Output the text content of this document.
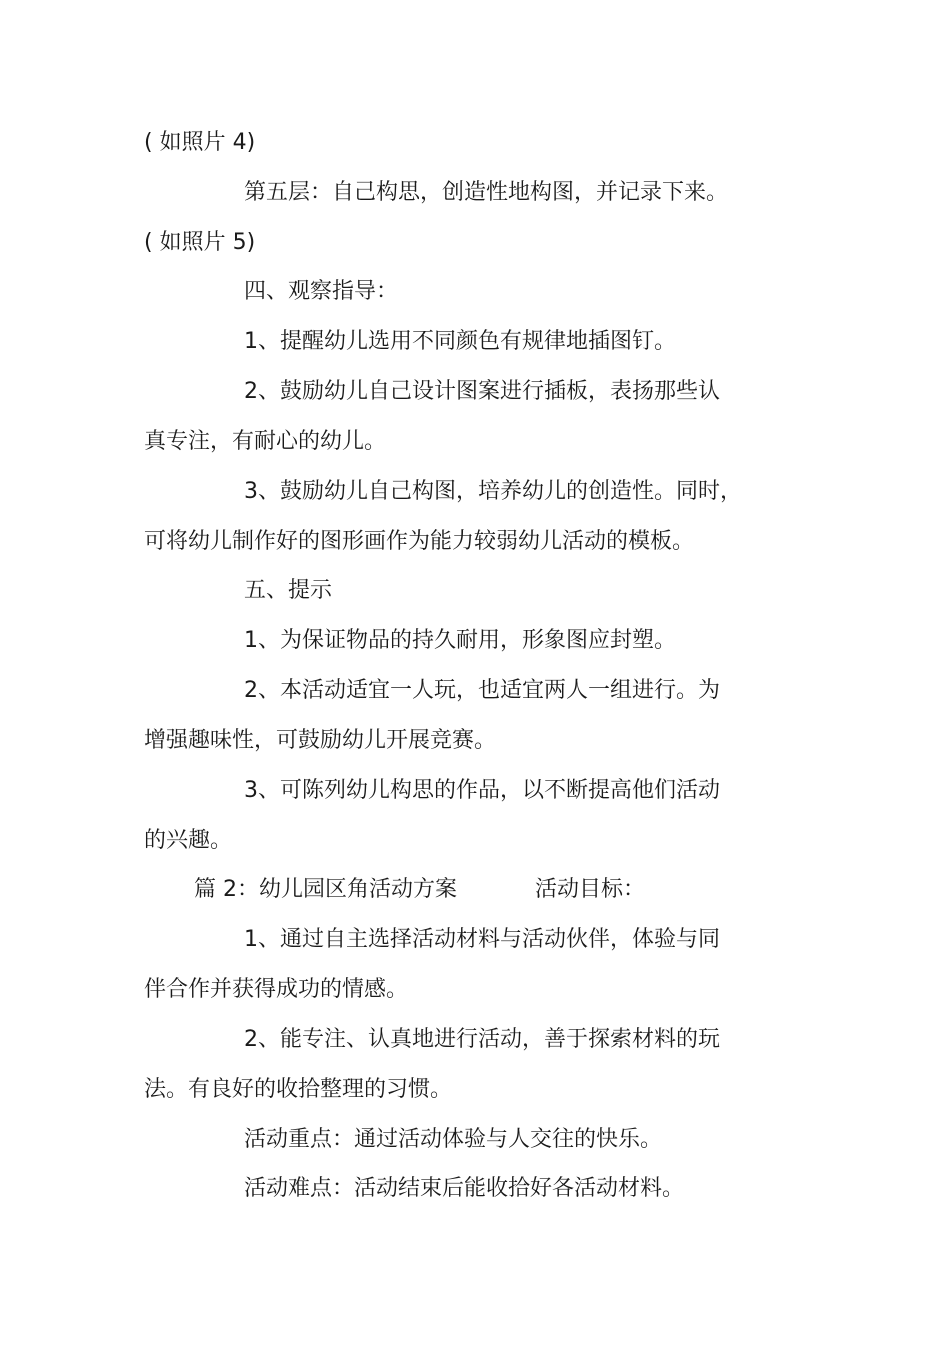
( 如照片 4)
第五层：自己构思，创造性地构图，并记录下来。
( 如照片 5)
四、观察指导：
1、提醒幼儿选用不同颜色有规律地插图钉。
2、鼓励幼儿自己设计图案进行插板，表扬那些认
真专注，有耐心的幼儿。
3、鼓励幼儿自己构图，培养幼儿的创造性。同时，
可将幼儿制作好的图形画作为能力较弱幼儿活动的模板。
五、提示
1、为保证物品的持久耐用，形象图应封塑。
2、本活动适宜一人玩，也适宜两人一组进行。为
增强趣味性，可鼓励幼儿开展竞赛。
3、可陈列幼儿构思的作品，以不断提高他们活动
的兴趣。
篇 2：幼儿园区角活动方案	活动目标：
1、通过自主选择活动材料与活动伙伴，体验与同
伴合作并获得成功的情感。
2、能专注、认真地进行活动，善于探索材料的玩
法。有良好的收拾整理的习惯。
活动重点：通过活动体验与人交往的快乐。
活动难点：活动结束后能收拾好各活动材料。
